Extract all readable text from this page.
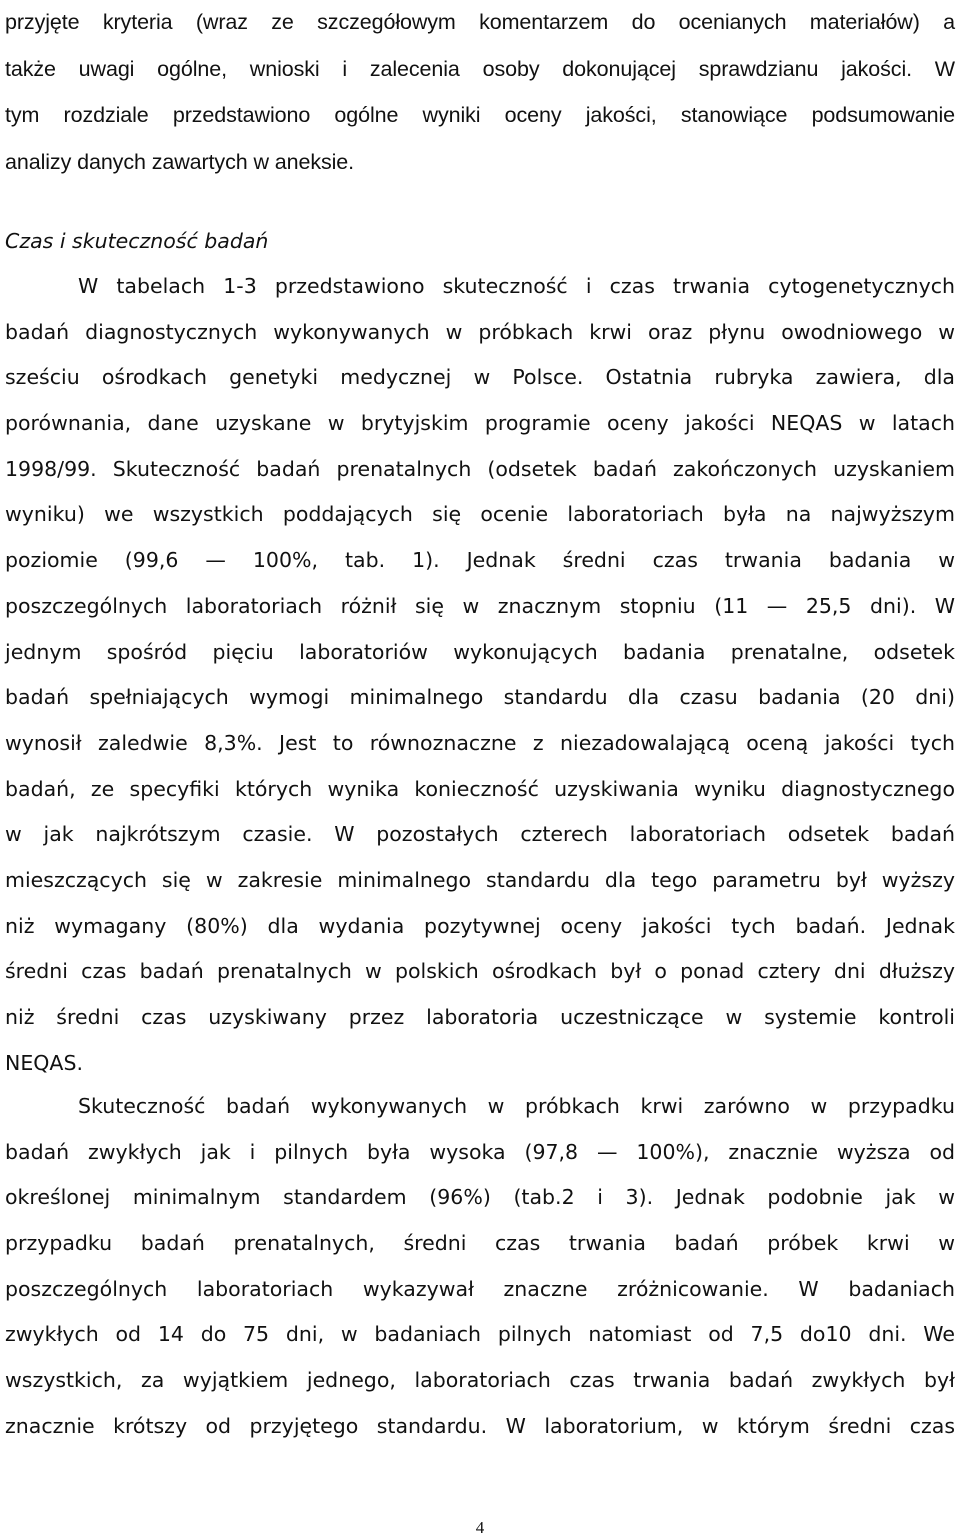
przyjęte kryteria (wraz ze szczegółowym komentarzem do ocenianych materiałów) a
także uwagi ogólne, wnioski i zalecenia osoby dokonującej sprawdzianu jakości. W
tym rozdziale przedstawiono ogólne wyniki oceny jakości, stanowiące podsumowanie
analizy danych zawartych w aneksie.

Czas i skuteczność badań

W tabelach 1-3 przedstawiono skuteczność i czas trwania cytogenetycznych
badań diagnostycznych wykonywanych w próbkach krwi oraz płynu owodniowego w
sześciu ośrodkach genetyki medycznej w Polsce. Ostatnia rubryka zawiera, dla
porównania, dane uzyskane w brytyjskim programie oceny jakości NEQAS w latach
1998/99. Skuteczność badań prenatalnych (odsetek badań zakończonych uzyskaniem
wyniku) we wszystkich poddających się ocenie laboratoriach była na najwyższym
poziomie (99,6 — 100%, tab. 1). Jednak średni czas trwania badania w
poszczególnych laboratoriach różnił się w znacznym stopniu (11 — 25,5 dni). W
jednym spośród pięciu laboratoriów wykonujących badania prenatalne, odsetek
badań spełniających wymogi minimalnego standardu dla czasu badania (20 dni)
wynosił zaledwie 8,3%. Jest to równoznaczne z niezadowalającą oceną jakości tych
badań, ze specyfiki których wynika konieczność uzyskiwania wyniku diagnostycznego
w jak najkrótszym czasie. W pozostałych czterech laboratoriach odsetek badań
mieszczących się w zakresie minimalnego standardu dla tego parametru był wyższy
niż wymagany (80%) dla wydania pozytywnej oceny jakości tych badań. Jednak
średni czas badań prenatalnych w polskich ośrodkach był o ponad cztery dni dłuższy
niż średni czas uzyskiwany przez laboratoria uczestniczące w systemie kontroli
NEQAS.
Skuteczność badań wykonywanych w próbkach krwi zarówno w przypadku
badań zwykłych jak i pilnych była wysoka (97,8 — 100%), znacznie wyższa od
określonej minimalnym standardem (96%) (tab.2 i 3). Jednak podobnie jak w
przypadku badań prenatalnych, średni czas trwania badań próbek krwi w
poszczególnych laboratoriach wykazywał znaczne zróżnicowanie. W badaniach
zwykłych od 14 do 75 dni, w badaniach pilnych natomiast od 7,5 do10 dni. We
wszystkich, za wyjątkiem jednego, laboratoriach czas trwania badań zwykłych był
znacznie krótszy od przyjętego standardu. W laboratorium, w którym średni czas
4
